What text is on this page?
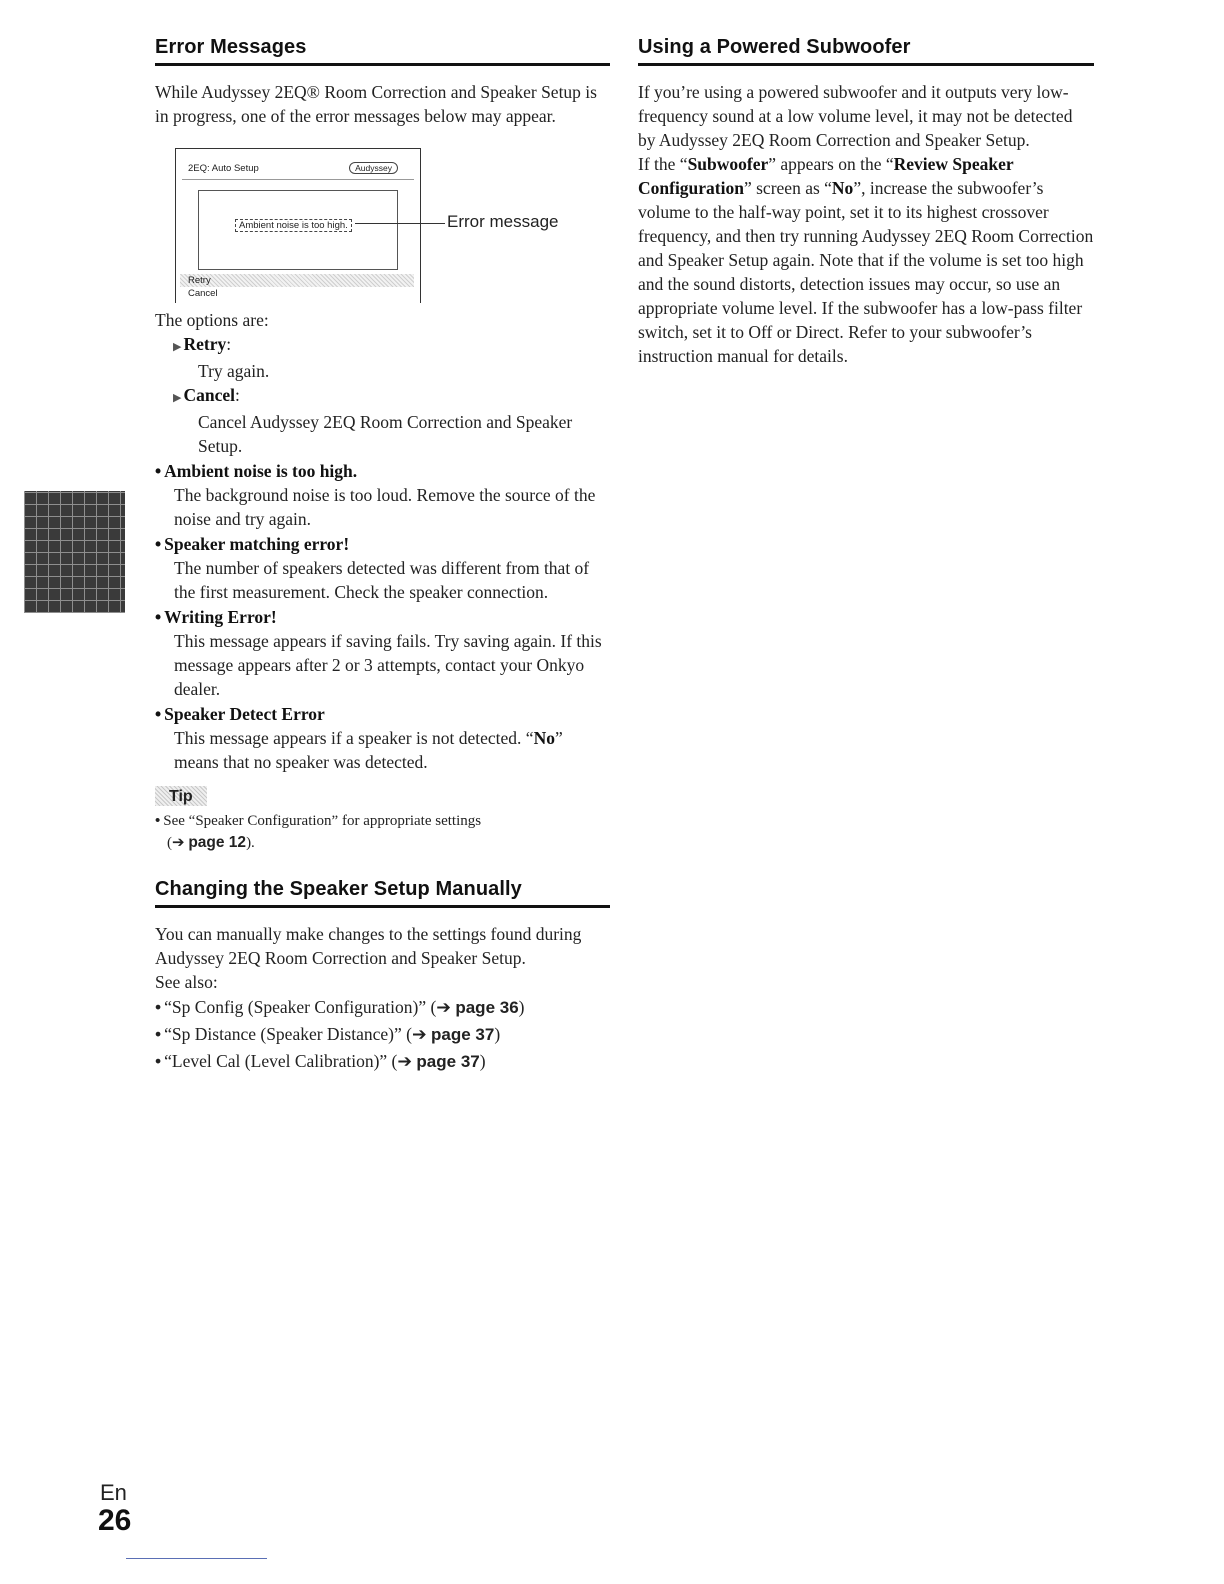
Error Messages

While Audyssey 2EQ® Room Correction and Speaker Setup is in progress, one of the error messages below may appear.

2EQ: Auto Setup	Audyssey
Ambient noise is too high.
Retry
Cancel
Error message

The options are:

▶ Retry:

Try again.

▶ Cancel:

Cancel Audyssey 2EQ Room Correction and Speaker Setup.

• Ambient noise is too high.

The background noise is too loud. Remove the source of the noise and try again.

• Speaker matching error!

The number of speakers detected was different from that of the first measurement. Check the speaker connection.

• Writing Error!

This message appears if saving fails. Try saving again. If this message appears after 2 or 3 attempts, contact your Onkyo dealer.

• Speaker Detect Error

This message appears if a speaker is not detected. “No” means that no speaker was detected.

Tip

• See “Speaker Configuration” for appropriate settings

(➔ page 12).

Changing the Speaker Setup Manually

You can manually make changes to the settings found during Audyssey 2EQ Room Correction and Speaker Setup.

See also:

• “Sp Config (Speaker Configuration)” (➔ page 36)

• “Sp Distance (Speaker Distance)” (➔ page 37)

• “Level Cal (Level Calibration)” (➔ page 37)

Using a Powered Subwoofer

If you’re using a powered subwoofer and it outputs very low-frequency sound at a low volume level, it may not be detected by Audyssey 2EQ Room Correction and Speaker Setup.

If the “Subwoofer” appears on the “Review Speaker Configuration” screen as “No”, increase the subwoofer’s volume to the half-way point, set it to its highest crossover frequency, and then try running Audyssey 2EQ Room Correction and Speaker Setup again. Note that if the volume is set too high and the sound distorts, detection issues may occur, so use an appropriate volume level. If the subwoofer has a low-pass filter switch, set it to Off or Direct. Refer to your subwoofer’s instruction manual for details.

En
26
